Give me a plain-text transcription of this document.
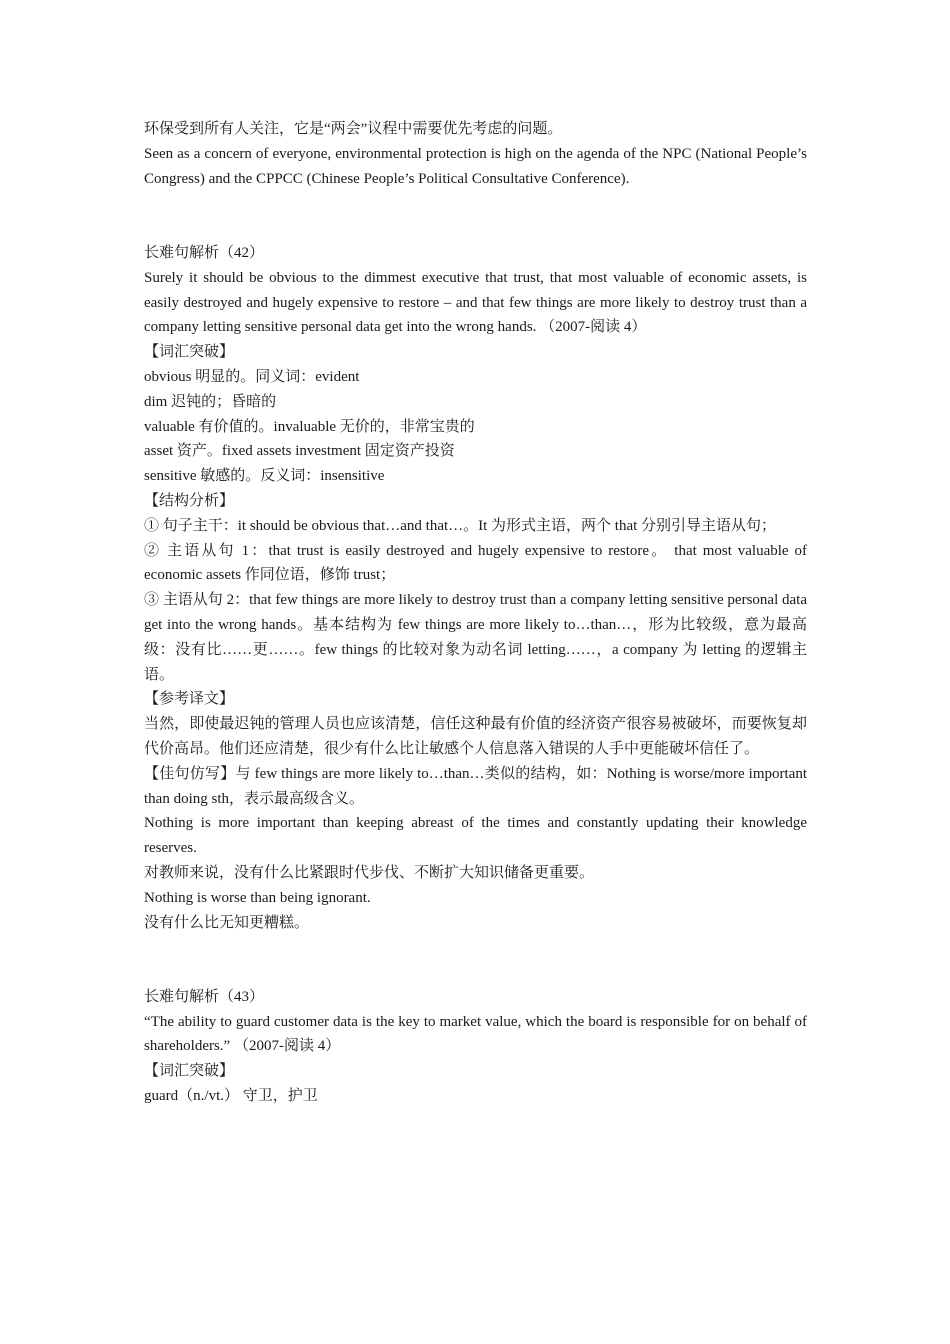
环保受到所有人关注，它是“两会”议程中需要优先考虑的问题。

Seen as a concern of everyone, environmental protection is high on the agenda of the NPC (National People’s Congress) and the CPPCC (Chinese People’s Political Consultative Conference).

长难句解析（42）

Surely it should be obvious to the dimmest executive that trust, that most valuable of economic assets, is easily destroyed and hugely expensive to restore – and that few things are more likely to destroy trust than a company letting sensitive personal data get into the wrong hands. （2007-阅读 4）

【词汇突破】

obvious 明显的。同义词：evident

dim 迟钝的；昏暗的

valuable 有价值的。invaluable 无价的，非常宝贵的

asset 资产。fixed assets investment 固定资产投资

sensitive 敏感的。反义词：insensitive

【结构分析】

① 句子主干：it should be obvious that…and that…。It 为形式主语，两个 that 分别引导主语从句；

② 主语从句 1：that trust is easily destroyed and hugely expensive to restore。 that most valuable of economic assets 作同位语，修饰 trust；

③ 主语从句 2：that few things are more likely to destroy trust than a company letting sensitive personal data get into the wrong hands。基本结构为 few things are more likely to…than…，形为比较级，意为最高级：没有比……更……。few things 的比较对象为动名词 letting……，a company 为 letting 的逻辑主语。

【参考译文】

当然，即使最迟钝的管理人员也应该清楚，信任这种最有价值的经济资产很容易被破坏，而要恢复却代价高昂。他们还应清楚，很少有什么比让敏感个人信息落入错误的人手中更能破坏信任了。

【佳句仿写】与 few things are more likely to…than…类似的结构，如：Nothing is worse/more important than doing sth，表示最高级含义。

Nothing is more important than keeping abreast of the times and constantly updating their knowledge reserves.

对教师来说，没有什么比紧跟时代步伐、不断扩大知识储备更重要。

Nothing is worse than being ignorant.

没有什么比无知更糟糕。

长难句解析（43）

“The ability to guard customer data is the key to market value, which the board is responsible for on behalf of shareholders.” （2007-阅读 4）

【词汇突破】

guard（n./vt.） 守卫，护卫
